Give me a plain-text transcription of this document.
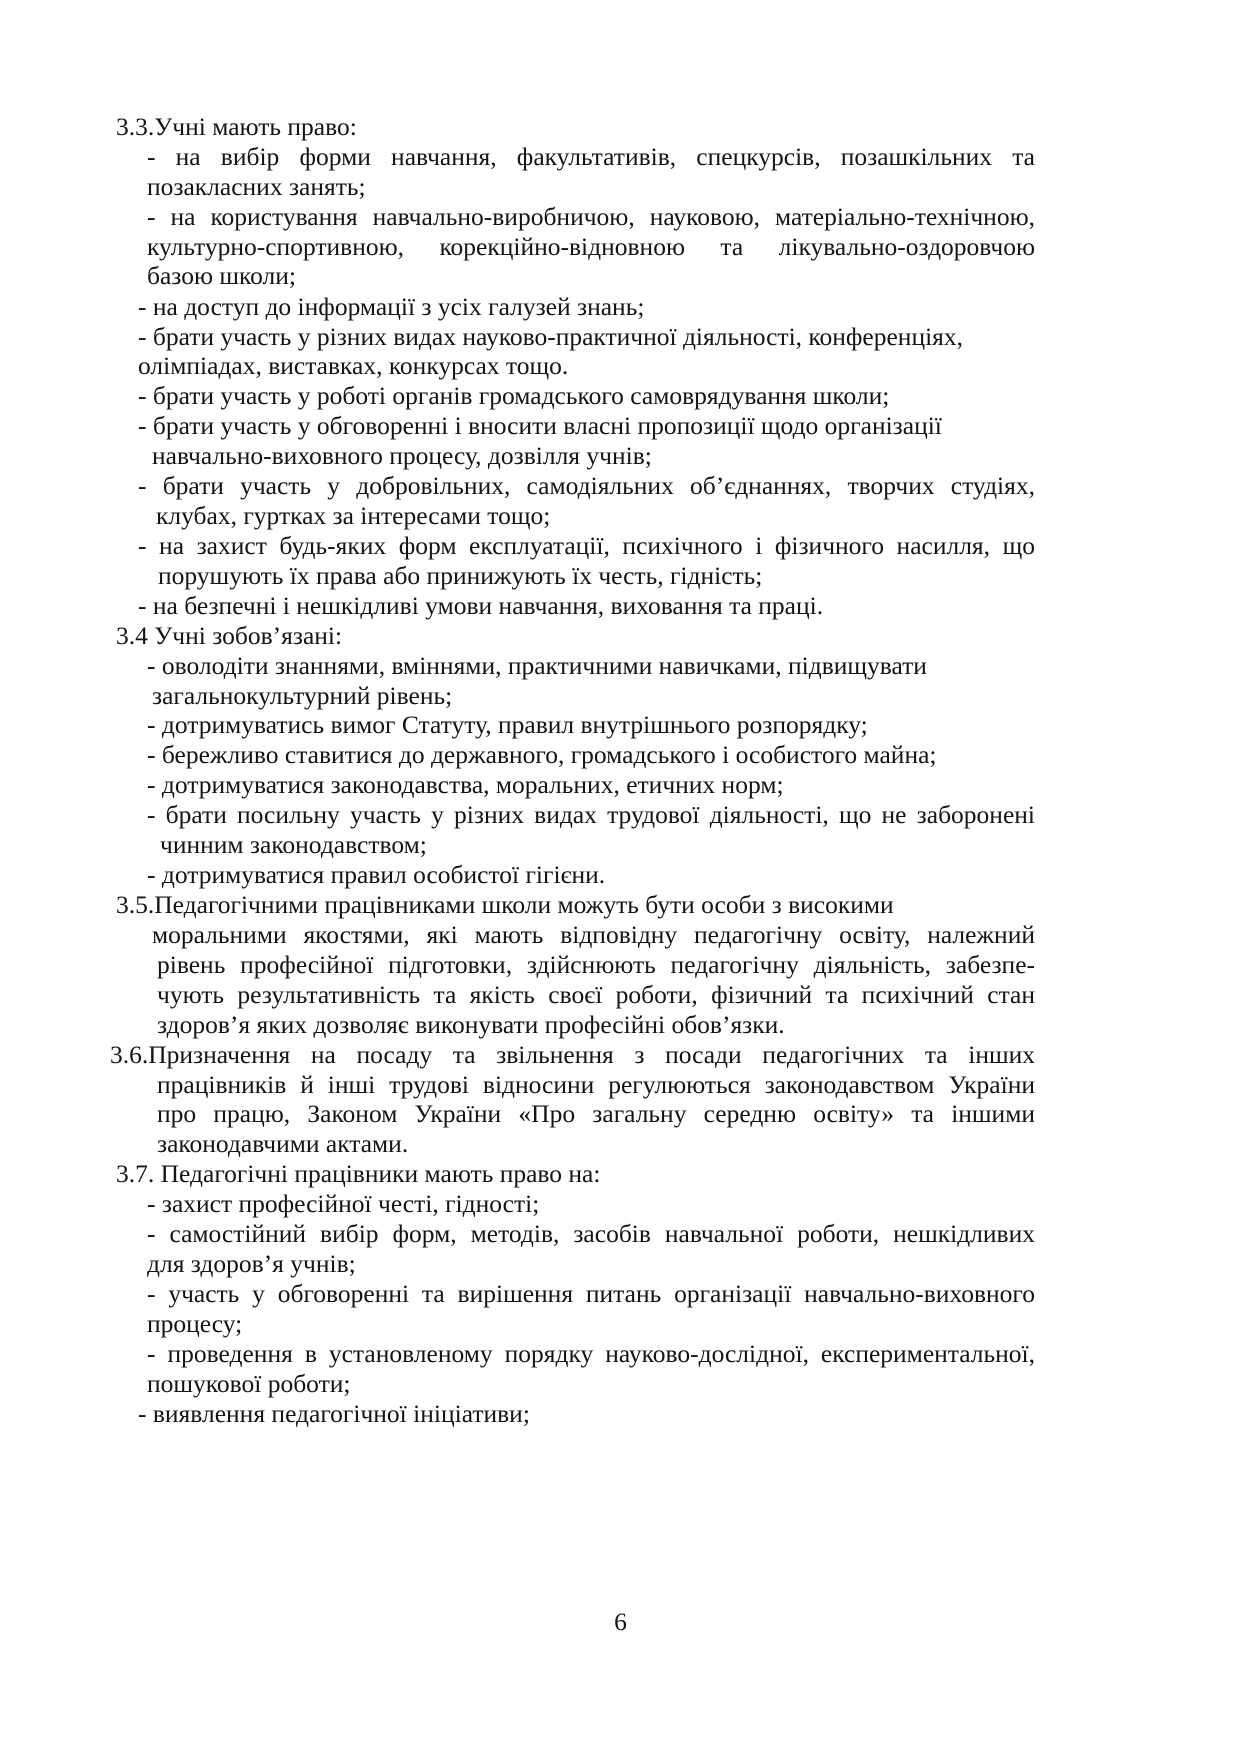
3.3.Учні мають право:
- на вибір форми навчання, факультативів, спецкурсів, позашкільних та
позакласних занять;
- на користування навчально-виробничою, науковою, матеріально-технічною,
культурно-спортивною, корекційно-відновною та лікувально-оздоровчою
базою школи;
- на доступ до інформації з усіх галузей знань;
- брати участь у різних видах науково-практичної діяльності, конференціях,
олімпіадах, виставках, конкурсах тощо.
- брати участь у роботі органів громадського самоврядування школи;
- брати участь у обговоренні і вносити власні пропозиції щодо організації
навчально-виховного процесу, дозвілля учнів;
- брати участь у добровільних, самодіяльних об’єднаннях, творчих студіях,
клубах, гуртках за інтересами тощо;
- на захист будь-яких форм експлуатації, психічного і фізичного насилля, що
порушують їх права або принижують їх честь, гідність;
- на безпечні і нешкідливі умови навчання, виховання та праці.
3.4 Учні зобов’язані:
- оволодіти знаннями, вміннями, практичними навичками, підвищувати
загальнокультурний рівень;
- дотримуватись вимог Статуту, правил внутрішнього розпорядку;
- бережливо ставитися до державного, громадського і особистого майна;
- дотримуватися законодавства, моральних, етичних норм;
- брати посильну участь у різних видах трудової діяльності, що не заборонені
чинним законодавством;
- дотримуватися правил особистої гігієни.
3.5.Педагогічними працівниками школи можуть бути особи з високими
моральними якостями, які мають відповідну педагогічну освіту, належний
рівень професійної підготовки, здійснюють педагогічну діяльність, забезпе-
чують результативність та якість своєї роботи, фізичний та психічний стан
здоров’я яких дозволяє виконувати професійні обов’язки.
3.6.Призначення на посаду та звільнення з посади педагогічних та інших
працівників й інші трудові відносини регулюються законодавством України
про працю, Законом України «Про загальну середню освіту» та іншими
законодавчими актами.
3.7. Педагогічні працівники мають право на:
- захист професійної честі, гідності;
- самостійний вибір форм, методів, засобів навчальної роботи, нешкідливих
для здоров’я учнів;
- участь у обговоренні та вирішення питань організації навчально-виховного
процесу;
- проведення в установленому порядку науково-дослідної, експериментальної,
пошукової роботи;
- виявлення педагогічної ініціативи;
6
